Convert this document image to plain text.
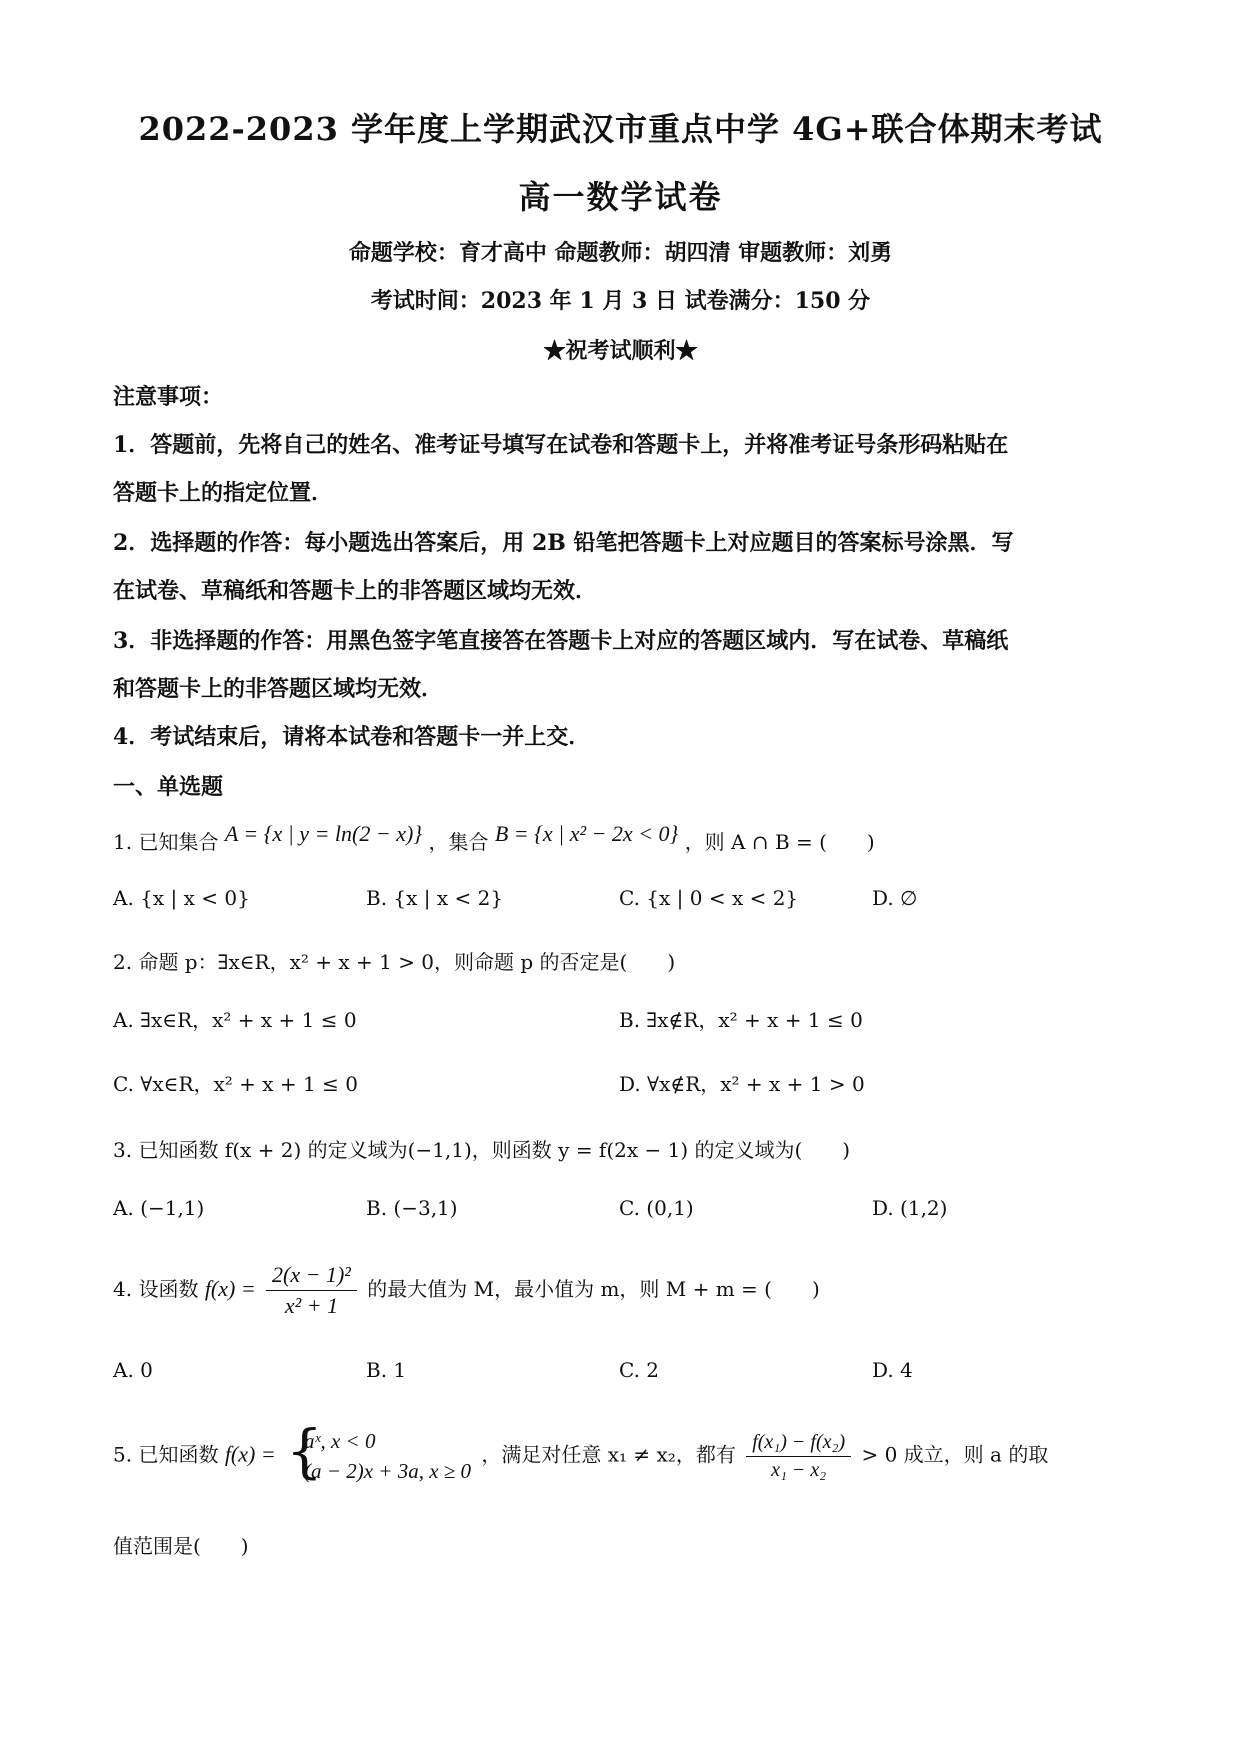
2022-2023 学年度上学期武汉市重点中学 4G+联合体期末考试
高一数学试卷
命题学校：育才高中 命题教师：胡四清 审题教师：刘勇
考试时间：2023 年 1 月 3 日 试卷满分：150 分
★祝考试顺利★
注意事项：
1．答题前，先将自己的姓名、准考证号填写在试卷和答题卡上，并将准考证号条形码粘贴在
答题卡上的指定位置．
2．选择题的作答：每小题选出答案后，用 2B 铅笔把答题卡上对应题目的答案标号涂黑．写
在试卷、草稿纸和答题卡上的非答题区域均无效．
3．非选择题的作答：用黑色签字笔直接答在答题卡上对应的答题区域内．写在试卷、草稿纸
和答题卡上的非答题区域均无效．
4．考试结束后，请将本试卷和答题卡一并上交．
一、单选题
1. 已知集合 A = {x | y = ln(2 − x)} ，集合 B = {x | x² − 2x < 0} ，则 A ∩ B = (　　)
A. {x | x < 0}	B. {x | x < 2}	C. {x | 0 < x < 2}	D. ∅
2. 命题 p：∃x∈R，x² + x + 1 > 0，则命题 p 的否定是(　　)
A. ∃x∈R，x² + x + 1 ≤ 0	B. ∃x∉R，x² + x + 1 ≤ 0
C. ∀x∈R，x² + x + 1 ≤ 0	D. ∀x∉R，x² + x + 1 > 0
3. 已知函数 f(x + 2) 的定义域为(−1,1)，则函数 y = f(2x − 1) 的定义域为(　　)
A. (−1,1)	B. (−3,1)	C. (0,1)	D. (1,2)
4. 设函数 $f(x) = \frac{\text{2(x − 1)²}}{\text{x² + 1}}$ 的最大值为 M，最小值为 m，则 M + m = (　　)
A. 0	B. 1	C. 2	D. 4
5. 已知函数 f(x) = {
aˣ, x < 0
(a − 2)x + 3a, x ≥ 0
，满足对任意 x₁ ≠ x₂，都有 $\frac{\text{f(x₁) − f(x₂)}}{\text{x₁ − x₂}} > 0$ 成立，则 a 的取
值范围是(　　)
